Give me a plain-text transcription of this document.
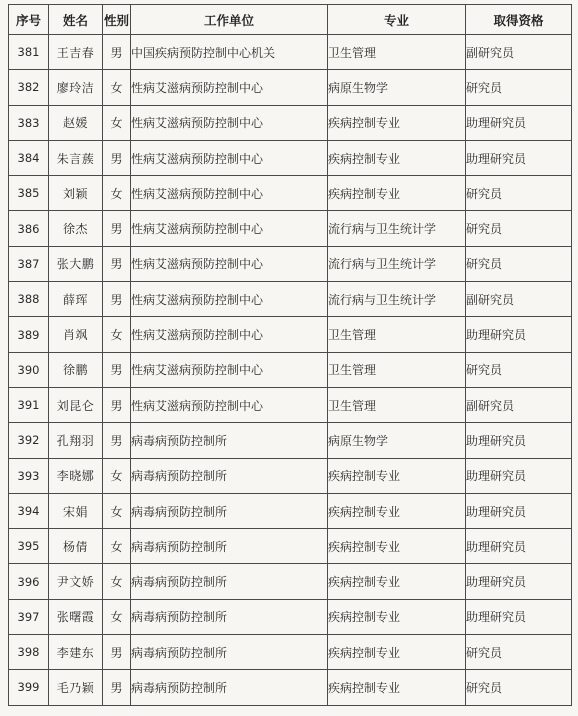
序号	姓名	性别	工作单位	专业	取得资格
381	王吉春	男	中国疾病预防控制中心机关	卫生管理	副研究员
382	廖玲洁	女	性病艾滋病预防控制中心	病原生物学	研究员
383	赵媛	女	性病艾滋病预防控制中心	疾病控制专业	助理研究员
384	朱言蔟	男	性病艾滋病预防控制中心	疾病控制专业	助理研究员
385	刘颖	女	性病艾滋病预防控制中心	疾病控制专业	研究员
386	徐杰	男	性病艾滋病预防控制中心	流行病与卫生统计学	研究员
387	张大鹏	男	性病艾滋病预防控制中心	流行病与卫生统计学	研究员
388	薛珲	男	性病艾滋病预防控制中心	流行病与卫生统计学	副研究员
389	肖飒	女	性病艾滋病预防控制中心	卫生管理	助理研究员
390	徐鹏	男	性病艾滋病预防控制中心	卫生管理	研究员
391	刘昆仑	男	性病艾滋病预防控制中心	卫生管理	副研究员
392	孔翔羽	男	病毒病预防控制所	病原生物学	助理研究员
393	李晓娜	女	病毒病预防控制所	疾病控制专业	助理研究员
394	宋娟	女	病毒病预防控制所	疾病控制专业	助理研究员
395	杨倩	女	病毒病预防控制所	疾病控制专业	助理研究员
396	尹文娇	女	病毒病预防控制所	疾病控制专业	助理研究员
397	张曙霞	女	病毒病预防控制所	疾病控制专业	助理研究员
398	李建东	男	病毒病预防控制所	疾病控制专业	研究员
399	毛乃颖	男	病毒病预防控制所	疾病控制专业	研究员
